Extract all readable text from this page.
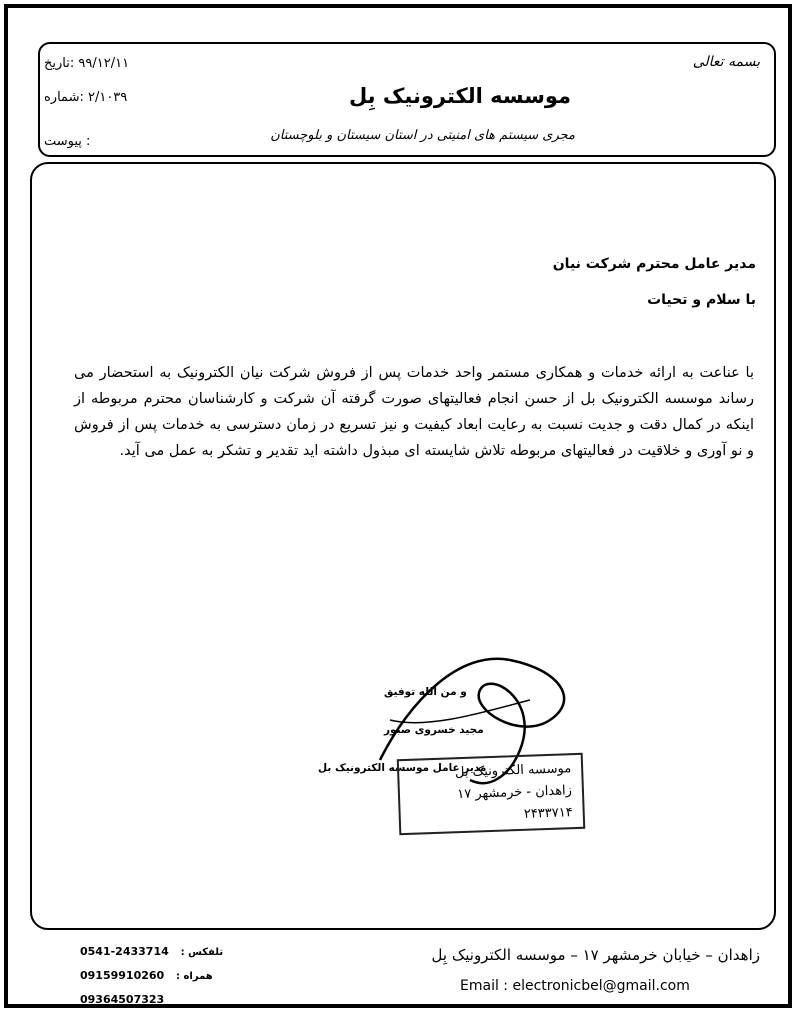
بسمه تعالی
۹۹/۱۲/۱۱ :تاریخ
۲/۱۰۳۹ :شماره
: پیوست
موسسه الکترونیک بِل
مجری سیستم های امنیتی در استان سیستان و بلوچستان
مدیر عامل محترم شرکت نیان
با سلام و تحیات
با عناعت به ارائه خدمات و همکاری مستمر واحد خدمات پس از فروش شرکت نیان الکترونیک به استحضار می رساند موسسه الکترونیک بل از حسن انجام فعالیتهای صورت گرفته آن شرکت و کارشناسان محترم مربوطه از اینکه در کمال دقت و جدیت نسبت به رعایت ابعاد کیفیت و نیز تسریع در زمان دسترسی به خدمات پس از فروش و نو آوری و خلاقیت در فعالیتهای مربوطه تلاش شایسته ای مبذول داشته اید تقدیر و تشکر به عمل می آید.
و من الله توفیق
مجید خسروی صبور
مدیر عامل موسسه الکترونیک بل
موسسه الکترونیک بل
زاهدان - خرمشهر ۱۷
۲۴۳۳۷۱۴
زاهدان – خیابان خرمشهر ۱۷ – موسسه الکترونیک بِل
Email : electronicbel@gmail.com
0541-2433714 تلفکس :
09159910260 همراه :
09364507323
